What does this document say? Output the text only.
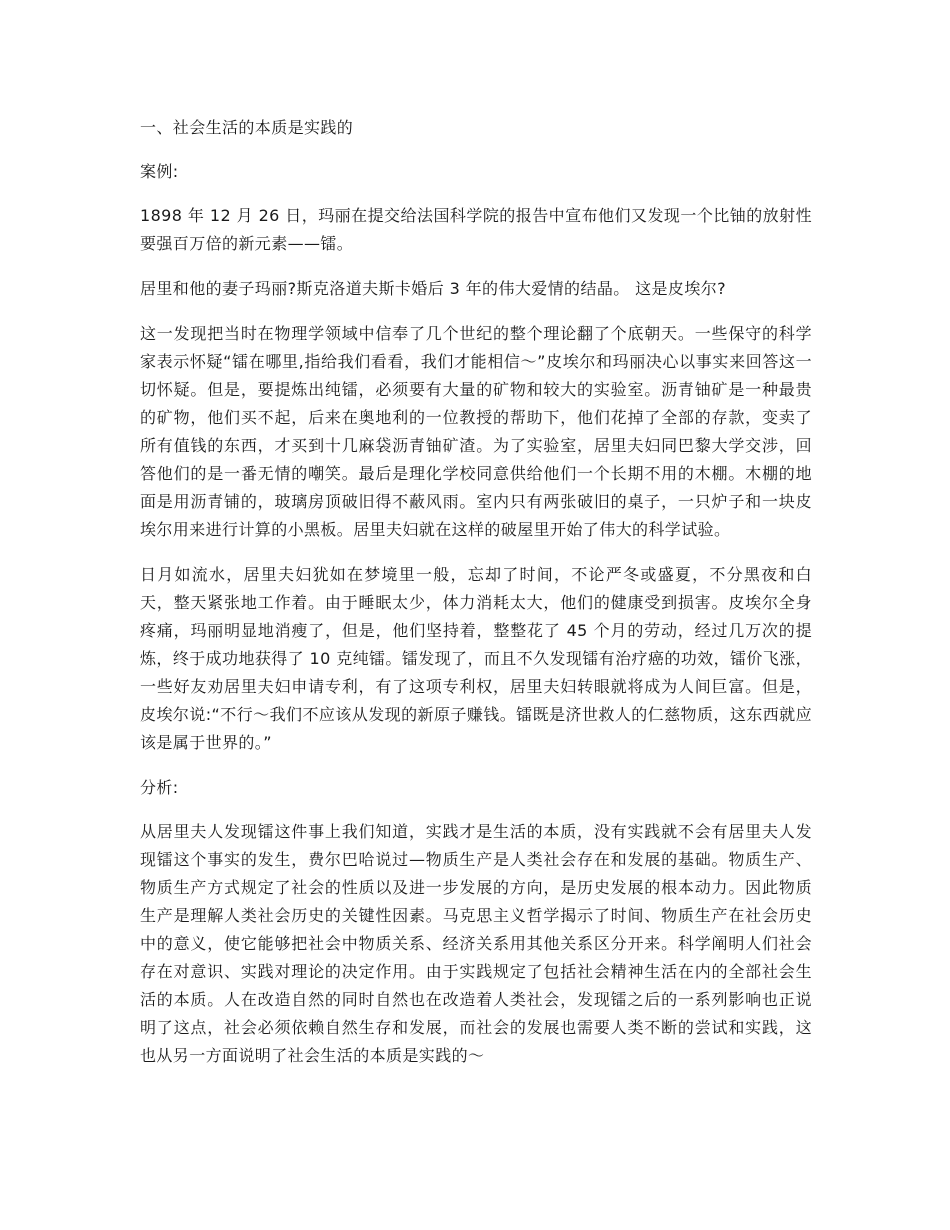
一、社会生活的本质是实践的

案例:

1898 年 12 月 26 日，玛丽在提交给法国科学院的报告中宣布他们又发现一个比铀的放射性要强百万倍的新元素——镭。

居里和他的妻子玛丽?斯克洛道夫斯卡婚后 3 年的伟大爱情的结晶。 这是皮埃尔?

这一发现把当时在物理学领域中信奉了几个世纪的整个理论翻了个底朝天。一些保守的科学家表示怀疑“镭在哪里,指给我们看看，我们才能相信～”皮埃尔和玛丽决心以事实来回答这一切怀疑。但是，要提炼出纯镭，必须要有大量的矿物和较大的实验室。沥青铀矿是一种最贵的矿物，他们买不起，后来在奥地利的一位教授的帮助下，他们花掉了全部的存款，变卖了所有值钱的东西，才买到十几麻袋沥青铀矿渣。为了实验室，居里夫妇同巴黎大学交涉，回答他们的是一番无情的嘲笑。最后是理化学校同意供给他们一个长期不用的木棚。木棚的地面是用沥青铺的，玻璃房顶破旧得不蔽风雨。室内只有两张破旧的桌子，一只炉子和一块皮埃尔用来进行计算的小黑板。居里夫妇就在这样的破屋里开始了伟大的科学试验。

日月如流水，居里夫妇犹如在梦境里一般，忘却了时间，不论严冬或盛夏，不分黑夜和白天，整天紧张地工作着。由于睡眠太少，体力消耗太大，他们的健康受到损害。皮埃尔全身疼痛，玛丽明显地消瘦了，但是，他们坚持着，整整花了 45 个月的劳动，经过几万次的提炼，终于成功地获得了 10 克纯镭。镭发现了，而且不久发现镭有治疗癌的功效，镭价飞涨，一些好友劝居里夫妇申请专利，有了这项专利权，居里夫妇转眼就将成为人间巨富。但是，皮埃尔说:“不行～我们不应该从发现的新原子赚钱。镭既是济世救人的仁慈物质，这东西就应该是属于世界的。”

分析:

从居里夫人发现镭这件事上我们知道，实践才是生活的本质，没有实践就不会有居里夫人发现镭这个事实的发生，费尔巴哈说过—物质生产是人类社会存在和发展的基础。物质生产、物质生产方式规定了社会的性质以及进一步发展的方向，是历史发展的根本动力。因此物质生产是理解人类社会历史的关键性因素。马克思主义哲学揭示了时间、物质生产在社会历史中的意义，使它能够把社会中物质关系、经济关系用其他关系区分开来。科学阐明人们社会存在对意识、实践对理论的决定作用。由于实践规定了包括社会精神生活在内的全部社会生活的本质。人在改造自然的同时自然也在改造着人类社会，发现镭之后的一系列影响也正说明了这点，社会必须依赖自然生存和发展，而社会的发展也需要人类不断的尝试和实践，这也从另一方面说明了社会生活的本质是实践的～
